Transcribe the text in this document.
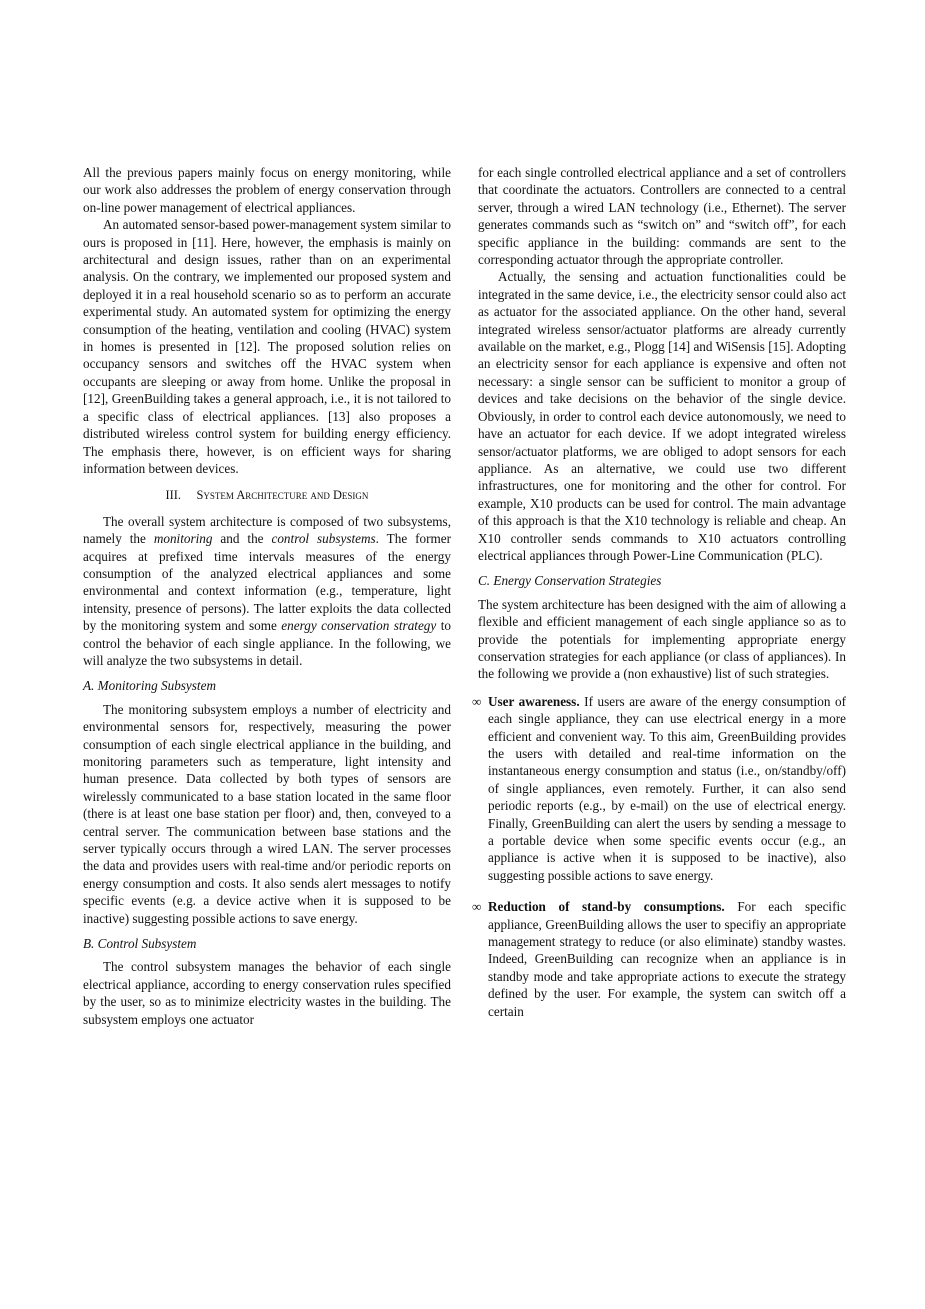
All the previous papers mainly focus on energy monitoring, while our work also addresses the problem of energy conservation through on-line power management of electrical appliances.

An automated sensor-based power-management system similar to ours is proposed in [11]. Here, however, the emphasis is mainly on architectural and design issues, rather than on an experimental analysis. On the contrary, we implemented our proposed system and deployed it in a real household scenario so as to perform an accurate experimental study. An automated system for optimizing the energy consumption of the heating, ventilation and cooling (HVAC) system in homes is presented in [12]. The proposed solution relies on occupancy sensors and switches off the HVAC system when occupants are sleeping or away from home. Unlike the proposal in [12], GreenBuilding takes a general approach, i.e., it is not tailored to a specific class of electrical appliances. [13] also proposes a distributed wireless control system for building energy efficiency. The emphasis there, however, is on efficient ways for sharing information between devices.

III. System Architecture and Design

The overall system architecture is composed of two subsystems, namely the monitoring and the control subsystems. The former acquires at prefixed time intervals measures of the energy consumption of the analyzed electrical appliances and some environmental and context information (e.g., temperature, light intensity, presence of persons). The latter exploits the data collected by the monitoring system and some energy conservation strategy to control the behavior of each single appliance. In the following, we will analyze the two subsystems in detail.

A. Monitoring Subsystem

The monitoring subsystem employs a number of electricity and environmental sensors for, respectively, measuring the power consumption of each single electrical appliance in the building, and monitoring parameters such as temperature, light intensity and human presence. Data collected by both types of sensors are wirelessly communicated to a base station located in the same floor (there is at least one base station per floor) and, then, conveyed to a central server. The communication between base stations and the server typically occurs through a wired LAN. The server processes the data and provides users with real-time and/or periodic reports on energy consumption and costs. It also sends alert messages to notify specific events (e.g. a device active when it is supposed to be inactive) suggesting possible actions to save energy.

B. Control Subsystem

The control subsystem manages the behavior of each single electrical appliance, according to energy conservation rules specified by the user, so as to minimize electricity wastes in the building. The subsystem employs one actuator

for each single controlled electrical appliance and a set of controllers that coordinate the actuators. Controllers are connected to a central server, through a wired LAN technology (i.e., Ethernet). The server generates commands such as “switch on” and “switch off”, for each specific appliance in the building: commands are sent to the corresponding actuator through the appropriate controller.

Actually, the sensing and actuation functionalities could be integrated in the same device, i.e., the electricity sensor could also act as actuator for the associated appliance. On the other hand, several integrated wireless sensor/actuator platforms are already currently available on the market, e.g., Plogg [14] and WiSensis [15]. Adopting an electricity sensor for each appliance is expensive and often not necessary: a single sensor can be sufficient to monitor a group of devices and take decisions on the behavior of the single device. Obviously, in order to control each device autonomously, we need to have an actuator for each device. If we adopt integrated wireless sensor/actuator platforms, we are obliged to adopt sensors for each appliance. As an alternative, we could use two different infrastructures, one for monitoring and the other for control. For example, X10 products can be used for control. The main advantage of this approach is that the X10 technology is reliable and cheap. An X10 controller sends commands to X10 actuators controlling electrical appliances through Power-Line Communication (PLC).

C. Energy Conservation Strategies

The system architecture has been designed with the aim of allowing a flexible and efficient management of each single appliance so as to provide the potentials for implementing appropriate energy conservation strategies for each appliance (or class of appliances). In the following we provide a (non exhaustive) list of such strategies.

∞ User awareness. If users are aware of the energy consumption of each single appliance, they can use electrical energy in a more efficient and convenient way. To this aim, GreenBuilding provides the users with detailed and real-time information on the instantaneous energy consumption and status (i.e., on/standby/off) of single appliances, even remotely. Further, it can also send periodic reports (e.g., by e-mail) on the use of electrical energy. Finally, GreenBuilding can alert the users by sending a message to a portable device when some specific events occur (e.g., an appliance is active when it is supposed to be inactive), also suggesting possible actions to save energy.
∞ Reduction of stand-by consumptions. For each specific appliance, GreenBuilding allows the user to specifiy an appropriate management strategy to reduce (or also eliminate) standby wastes. Indeed, GreenBuilding can recognize when an appliance is in standby mode and take appropriate actions to execute the strategy defined by the user. For example, the system can switch off a certain
